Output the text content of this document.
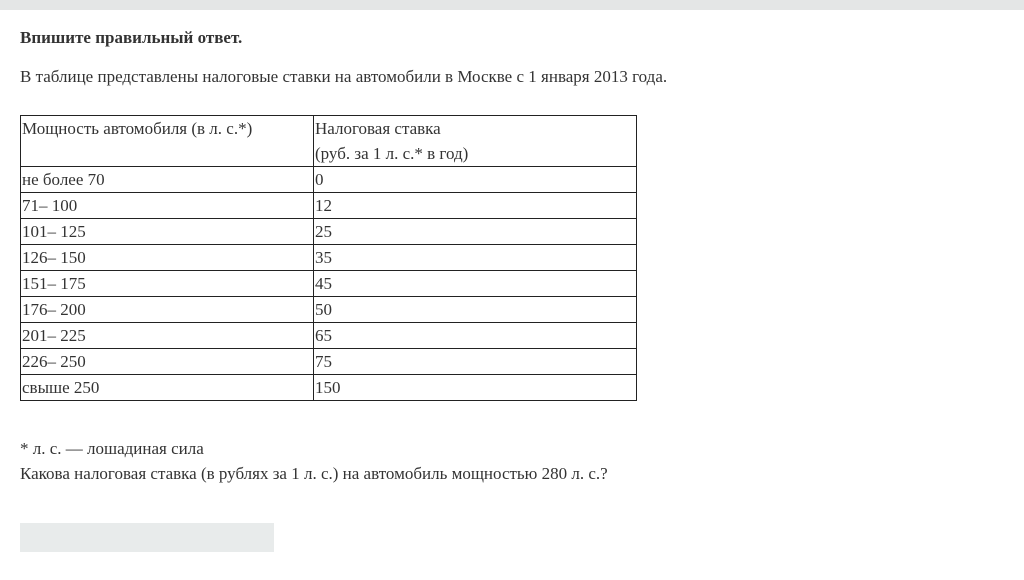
Впишите правильный ответ.
В таблице представлены налоговые ставки на автомобили в Москве с 1 января 2013 года.
Мощность автомобиля (в л. с.*)	Налоговая ставка
(руб. за 1 л. с.* в год)
не более 70	0
71– 100	12
101– 125	25
126– 150	35
151– 175	45
176– 200	50
201– 225	65
226– 250	75
свыше 250	150
* л. с. — лошадиная сила
Какова налоговая ставка (в рублях за 1 л. с.) на автомобиль мощностью 280 л. с.?
